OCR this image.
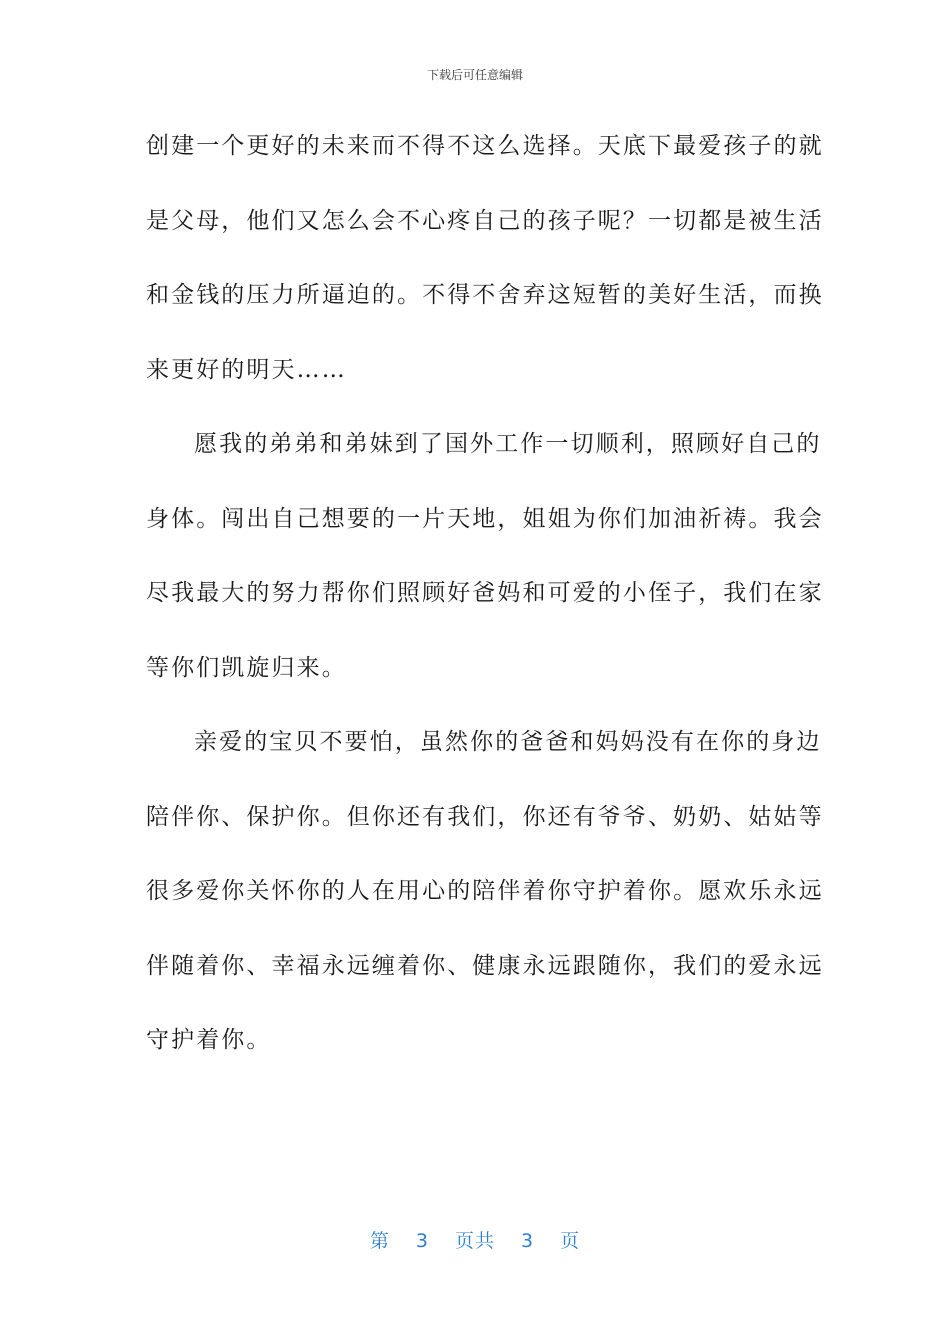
下载后可任意编辑
创建一个更好的未来而不得不这么选择。天底下最爱孩子的就
是父母，他们又怎么会不心疼自己的孩子呢？一切都是被生活
和金钱的压力所逼迫的。不得不舍弃这短暂的美好生活，而换
来更好的明天……
愿我的弟弟和弟妹到了国外工作一切顺利，照顾好自己的
身体。闯出自己想要的一片天地，姐姐为你们加油祈祷。我会
尽我最大的努力帮你们照顾好爸妈和可爱的小侄子，我们在家
等你们凯旋归来。
亲爱的宝贝不要怕，虽然你的爸爸和妈妈没有在你的身边
陪伴你、保护你。但你还有我们，你还有爷爷、奶奶、姑姑等
很多爱你关怀你的人在用心的陪伴着你守护着你。愿欢乐永远
伴随着你、幸福永远缠着你、健康永远跟随你，我们的爱永远
守护着你。
第 3 页共 3 页
